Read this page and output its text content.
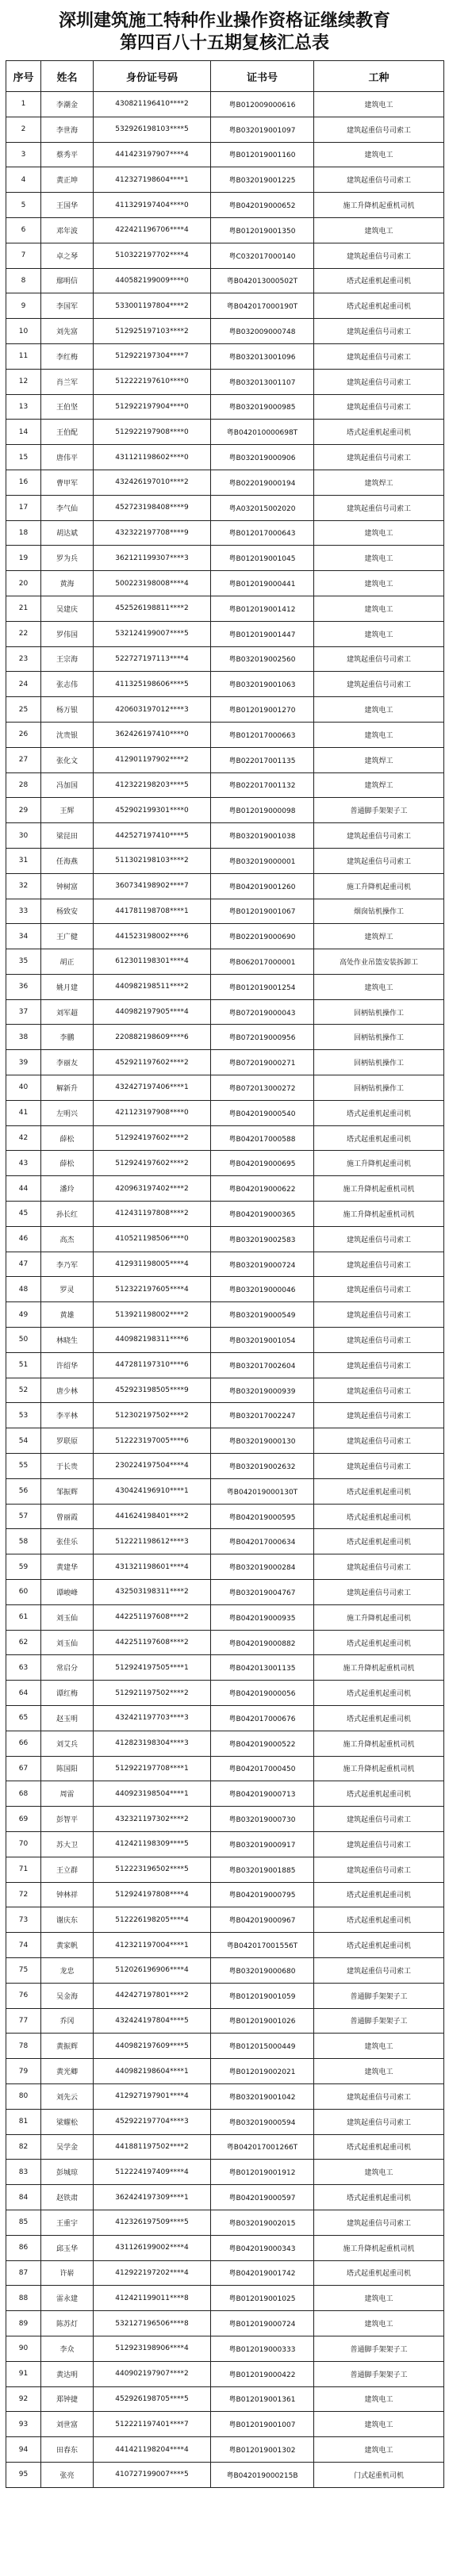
深圳建筑施工特种作业操作资格证继续教育
第四百八十五期复核汇总表
序号	姓名	身份证号码	证书号	工种
1	李潮金	430821196410****2	粤B012009000616	建筑电工
2	李世海	532926198103****5	粤B032019001097	建筑起重信号司索工
3	蔡秀平	441423197907****4	粤B012019001160	建筑电工
4	黄正坤	412327198604****1	粤B032019001225	建筑起重信号司索工
5	王国华	411329197404****0	粤B042019000652	施工升降机起重机司机
6	邓年波	422421196706****4	粤B012019001350	建筑电工
7	卓之琴	510322197702****4	粤C032017000140	建筑起重信号司索工
8	鄢明信	440582199009****0	粤B042013000502T	塔式起重机起重司机
9	李国军	533001197804****2	粤B042017000190T	塔式起重机起重司机
10	刘先富	512925197103****2	粤B032009000748	建筑起重信号司索工
11	李红梅	512922197304****7	粤B032013001096	建筑起重信号司索工
12	肖兰军	512222197610****0	粤B032013001107	建筑起重信号司索工
13	王伯坚	512922197904****0	粤B032019000985	建筑起重信号司索工
14	王伯配	512922197908****0	粤B042010000698T	塔式起重机起重司机
15	唐伟平	431121198602****0	粤B032019000906	建筑起重信号司索工
16	曹甲军	432426197010****2	粤B022019000194	建筑焊工
17	李气仙	452723198408****9	粤A032015002020	建筑起重信号司索工
18	胡达斌	432322197708****9	粤B012017000643	建筑电工
19	罗为兵	362121199307****3	粤B012019001045	建筑电工
20	黄海	500223198008****4	粤B012019000441	建筑电工
21	吴建庆	452526198811****2	粤B012019001412	建筑电工
22	罗伟国	532124199007****5	粤B012019001447	建筑电工
23	王宗海	522727197113****4	粤B032019002560	建筑起重信号司索工
24	张志伟	411325198606****5	粤B032019001063	建筑起重信号司索工
25	杨万银	420603197012****3	粤B012019001270	建筑电工
26	沈贵银	362426197410****0	粤B012017000663	建筑电工
27	张化文	412901197902****2	粤B022017001135	建筑焊工
28	冯加国	412322198203****5	粤B022017001132	建筑焊工
29	王辉	452902199301****0	粤B012019000098	普通脚手架架子工
30	梁昆田	442527197410****5	粤B032019001038	建筑起重信号司索工
31	任海燕	511302198103****2	粤B032019000001	建筑起重信号司索工
32	钟树富	360734198902****7	粤B042019001260	施工升降机起重司机
33	杨致安	441781198708****1	粤B012019001067	烟囱钻机操作工
34	王广健	441523198002****6	粤B022019000690	建筑焊工
35	胡正	612301198301****4	粤B062017000001	高处作业吊篮安装拆卸工
36	姚月建	440982198511****2	粤B012019001254	建筑电工
37	刘军超	440982197905****4	粤B072019000043	回柄钻机操作工
38	李鹏	220882198609****6	粤B072019000956	回柄钻机操作工
39	李丽友	452921197602****2	粤B072019000271	回柄钻机操作工
40	解新升	432427197406****1	粤B072013000272	回柄钻机操作工
41	左明兴	421123197908****0	粤B042019000540	塔式起重机起重司机
42	薛松	512924197602****2	粤B042017000588	塔式起重机起重司机
43	薛松	512924197602****2	粤B042019000695	施工升降机起重司机
44	潘玲	420963197402****2	粤B042019000622	施工升降机起重机司机
45	孙长红	412431197808****2	粤B042019000365	施工升降机起重机司机
46	高杰	410521198506****0	粤B032019002583	建筑起重信号司索工
47	李乃军	412931198005****4	粤B032019000724	建筑起重信号司索工
48	罗灵	512322197605****4	粤B032019000046	建筑起重信号司索工
49	黄雄	513921198002****2	粤B032019000549	建筑起重信号司索工
50	林晓生	440982198311****6	粤B032019001054	建筑起重信号司索工
51	许绍华	447281197310****6	粤B032017002604	建筑起重信号司索工
52	唐少林	452923198505****9	粤B032019000939	建筑起重信号司索工
53	李平林	512302197502****2	粤B032017002247	建筑起重信号司索工
54	罗联原	512223197005****6	粤B032019000130	建筑起重信号司索工
55	于长贵	230224197504****4	粤B032019002632	建筑起重信号司索工
56	邹振辉	430424196910****1	粤B042019000130T	塔式起重机起重司机
57	曾丽霞	441624198401****2	粤B042019000595	塔式起重机起重司机
58	张佳乐	512221198612****3	粤B042017000634	塔式起重机起重司机
59	黄建华	431321198601****4	粤B032019000284	建筑起重信号司索工
60	谭峻峰	432503198311****2	粤B032019004767	建筑起重信号司索工
61	刘玉仙	442251197608****2	粤B042019000935	施工升降机起重司机
62	刘玉仙	442251197608****2	粤B042019000882	塔式起重机起重司机
63	常启分	512924197505****1	粤B042013001135	施工升降机起重机司机
64	谭红梅	512921197502****2	粤B042019000056	塔式起重机起重司机
65	赵玉明	432421197703****3	粤B042017000676	塔式起重机起重司机
66	刘艾兵	412823198304****3	粤B042019000522	施工升降机起重机司机
67	陈国阳	512922197708****1	粤B042017000450	施工升降机起重机司机
68	周雷	440923198504****1	粤B042019000713	塔式起重机起重司机
69	彭智平	432321197302****2	粤B032019000730	建筑起重信号司索工
70	苏大卫	412421198309****5	粤B032019000917	建筑起重信号司索工
71	王立群	512223196502****5	粤B032019001885	建筑起重信号司索工
72	钟林祥	512924197808****4	粤B042019000795	塔式起重机起重司机
73	谢庆东	512226198205****4	粤B042019000967	塔式起重机起重司机
74	黄家帆	412321197004****1	粤B042017001556T	塔式起重机起重司机
75	龙忠	512026196906****4	粤B032019000680	建筑起重信号司索工
76	吴金海	442427197801****2	粤B012019001059	普通脚手架架子工
77	乔冈	432424197804****5	粤B012019001026	普通脚手架架子工
78	黄振辉	440982197609****5	粤B012015000449	建筑电工
79	黄光卿	440982198604****1	粤B012019002021	建筑电工
80	刘先云	412927197901****4	粤B032019001042	建筑起重信号司索工
81	梁耀松	452922197704****3	粤B032019000594	建筑起重信号司索工
82	吴学金	441881197502****2	粤B042017001266T	塔式起重机起重司机
83	彭城琼	512224197409****4	粤B012019001912	建筑电工
84	赵铁肃	362424197309****1	粤B042019000597	塔式起重机起重司机
85	王重宇	412326197509****5	粤B032019002015	建筑起重信号司索工
86	邱玉华	431126199002****4	粤B042019000343	施工升降机起重机司机
87	许崭	412922197202****4	粤B042019001742	塔式起重机起重司机
88	雷永建	412421199011****8	粤B012019001025	建筑电工
89	陈苏灯	532127196506****8	粤B012019000724	建筑电工
90	李众	512923198906****4	粤B012019000333	普通脚手架架子工
91	黄达明	440902197907****2	粤B012019000422	普通脚手架架子工
92	郑钟捷	452926198705****5	粤B012019001361	建筑电工
93	刘世富	512221197401****7	粤B012019001007	建筑电工
94	田春东	441421198204****4	粤B012019001302	建筑电工
95	张亮	410727199007****5	粤B042019000215B	门式起重机司机
